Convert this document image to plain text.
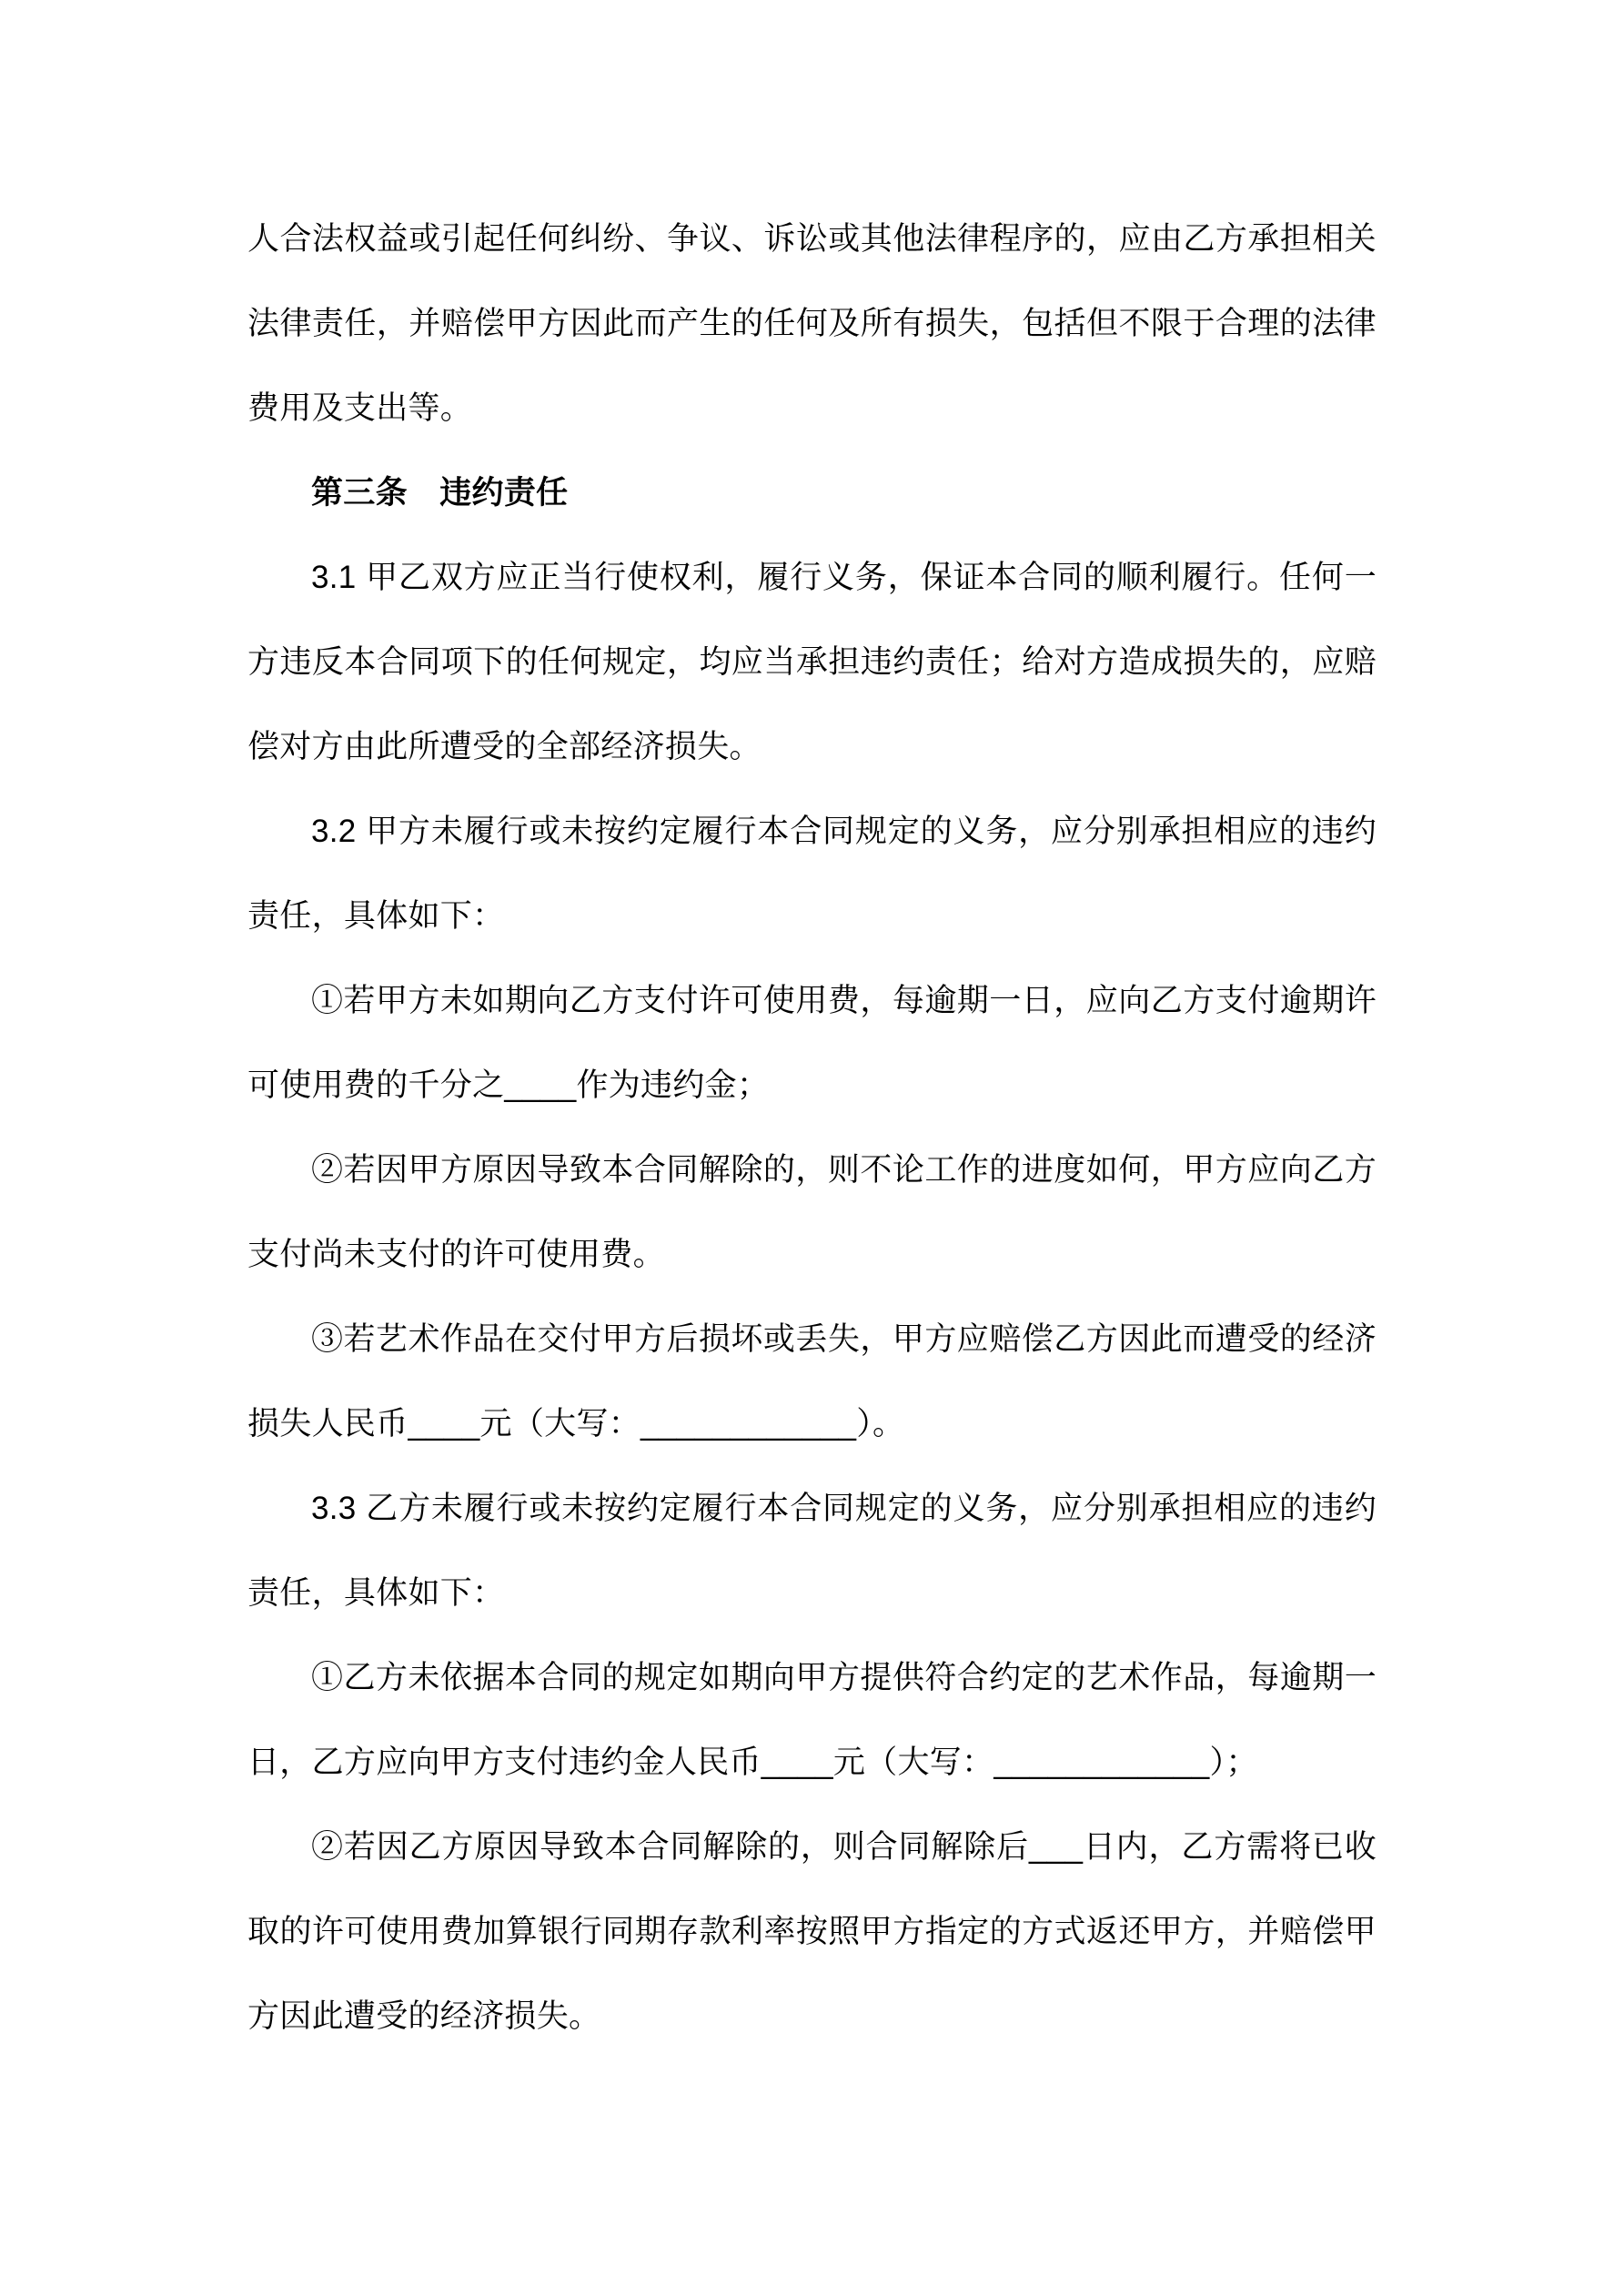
人合法权益或引起任何纠纷、争议、诉讼或其他法律程序的，应由乙方承担相关法律责任，并赔偿甲方因此而产生的任何及所有损失，包括但不限于合理的法律费用及支出等。

第三条　违约责任

3.1 甲乙双方应正当行使权利，履行义务，保证本合同的顺利履行。任何一方违反本合同项下的任何规定，均应当承担违约责任；给对方造成损失的，应赔偿对方由此所遭受的全部经济损失。

3.2 甲方未履行或未按约定履行本合同规定的义务，应分别承担相应的违约责任，具体如下：

①若甲方未如期向乙方支付许可使用费，每逾期一日，应向乙方支付逾期许可使用费的千分之____作为违约金；

②若因甲方原因导致本合同解除的，则不论工作的进度如何，甲方应向乙方支付尚未支付的许可使用费。

③若艺术作品在交付甲方后损坏或丢失，甲方应赔偿乙方因此而遭受的经济损失人民币____元（大写：____________）。

3.3 乙方未履行或未按约定履行本合同规定的义务，应分别承担相应的违约责任，具体如下：

①乙方未依据本合同的规定如期向甲方提供符合约定的艺术作品，每逾期一日，乙方应向甲方支付违约金人民币____元（大写：____________）；

②若因乙方原因导致本合同解除的，则合同解除后___日内，乙方需将已收取的许可使用费加算银行同期存款利率按照甲方指定的方式返还甲方，并赔偿甲方因此遭受的经济损失。
